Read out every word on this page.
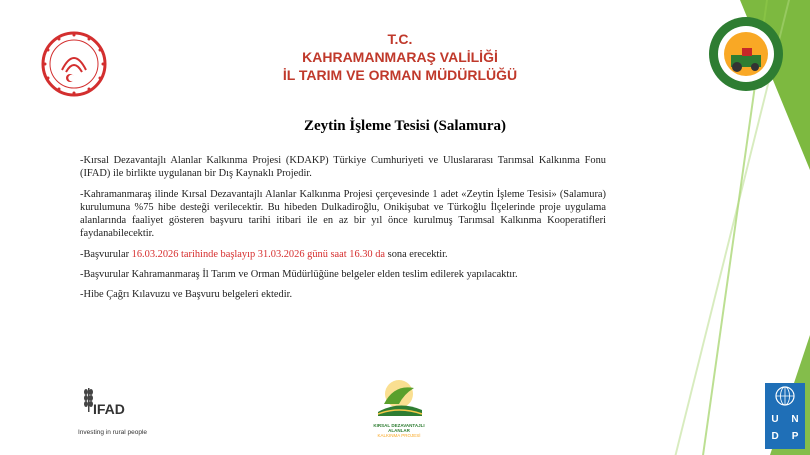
T.C.
KAHRAMANMARAŞ VALİLİĞİ
İL TARIM VE ORMAN MÜDÜRLÜĞÜ
Zeytin İşleme Tesisi (Salamura)

-Kırsal Dezavantajlı Alanlar Kalkınma Projesi (KDAKP) Türkiye Cumhuriyeti ve Uluslararası Tarımsal Kalkınma Fonu (IFAD) ile birlikte uygulanan bir Dış Kaynaklı Projedir.

-Kahramanmaraş ilinde Kırsal Dezavantajlı Alanlar Kalkınma Projesi çerçevesinde 1 adet «Zeytin İşleme Tesisi» (Salamura) kurulumuna %75 hibe desteği verilecektir. Bu hibeden Dulkadiroğlu, Onikişubat ve Türkoğlu İlçelerinde proje uygulama alanlarında faaliyet gösteren başvuru tarihi itibari ile en az bir yıl önce kurulmuş Tarımsal Kalkınma Kooperatifleri faydanabilecektir.

-Başvurular 16.03.2026 tarihinde başlayıp 31.03.2026 günü saat 16.30 da sona erecektir.

-Başvurular Kahramanmaraş İl Tarım ve Orman Müdürlüğüne belgeler elden teslim edilerek yapılacaktır.

-Hibe Çağrı Kılavuzu ve Başvuru belgeleri ektedir.

IFAD
Investing in rural people
KIRSAL DEZAVANTAJLI ALANLAR
KALKINMA PROJESİ
U N
D P
